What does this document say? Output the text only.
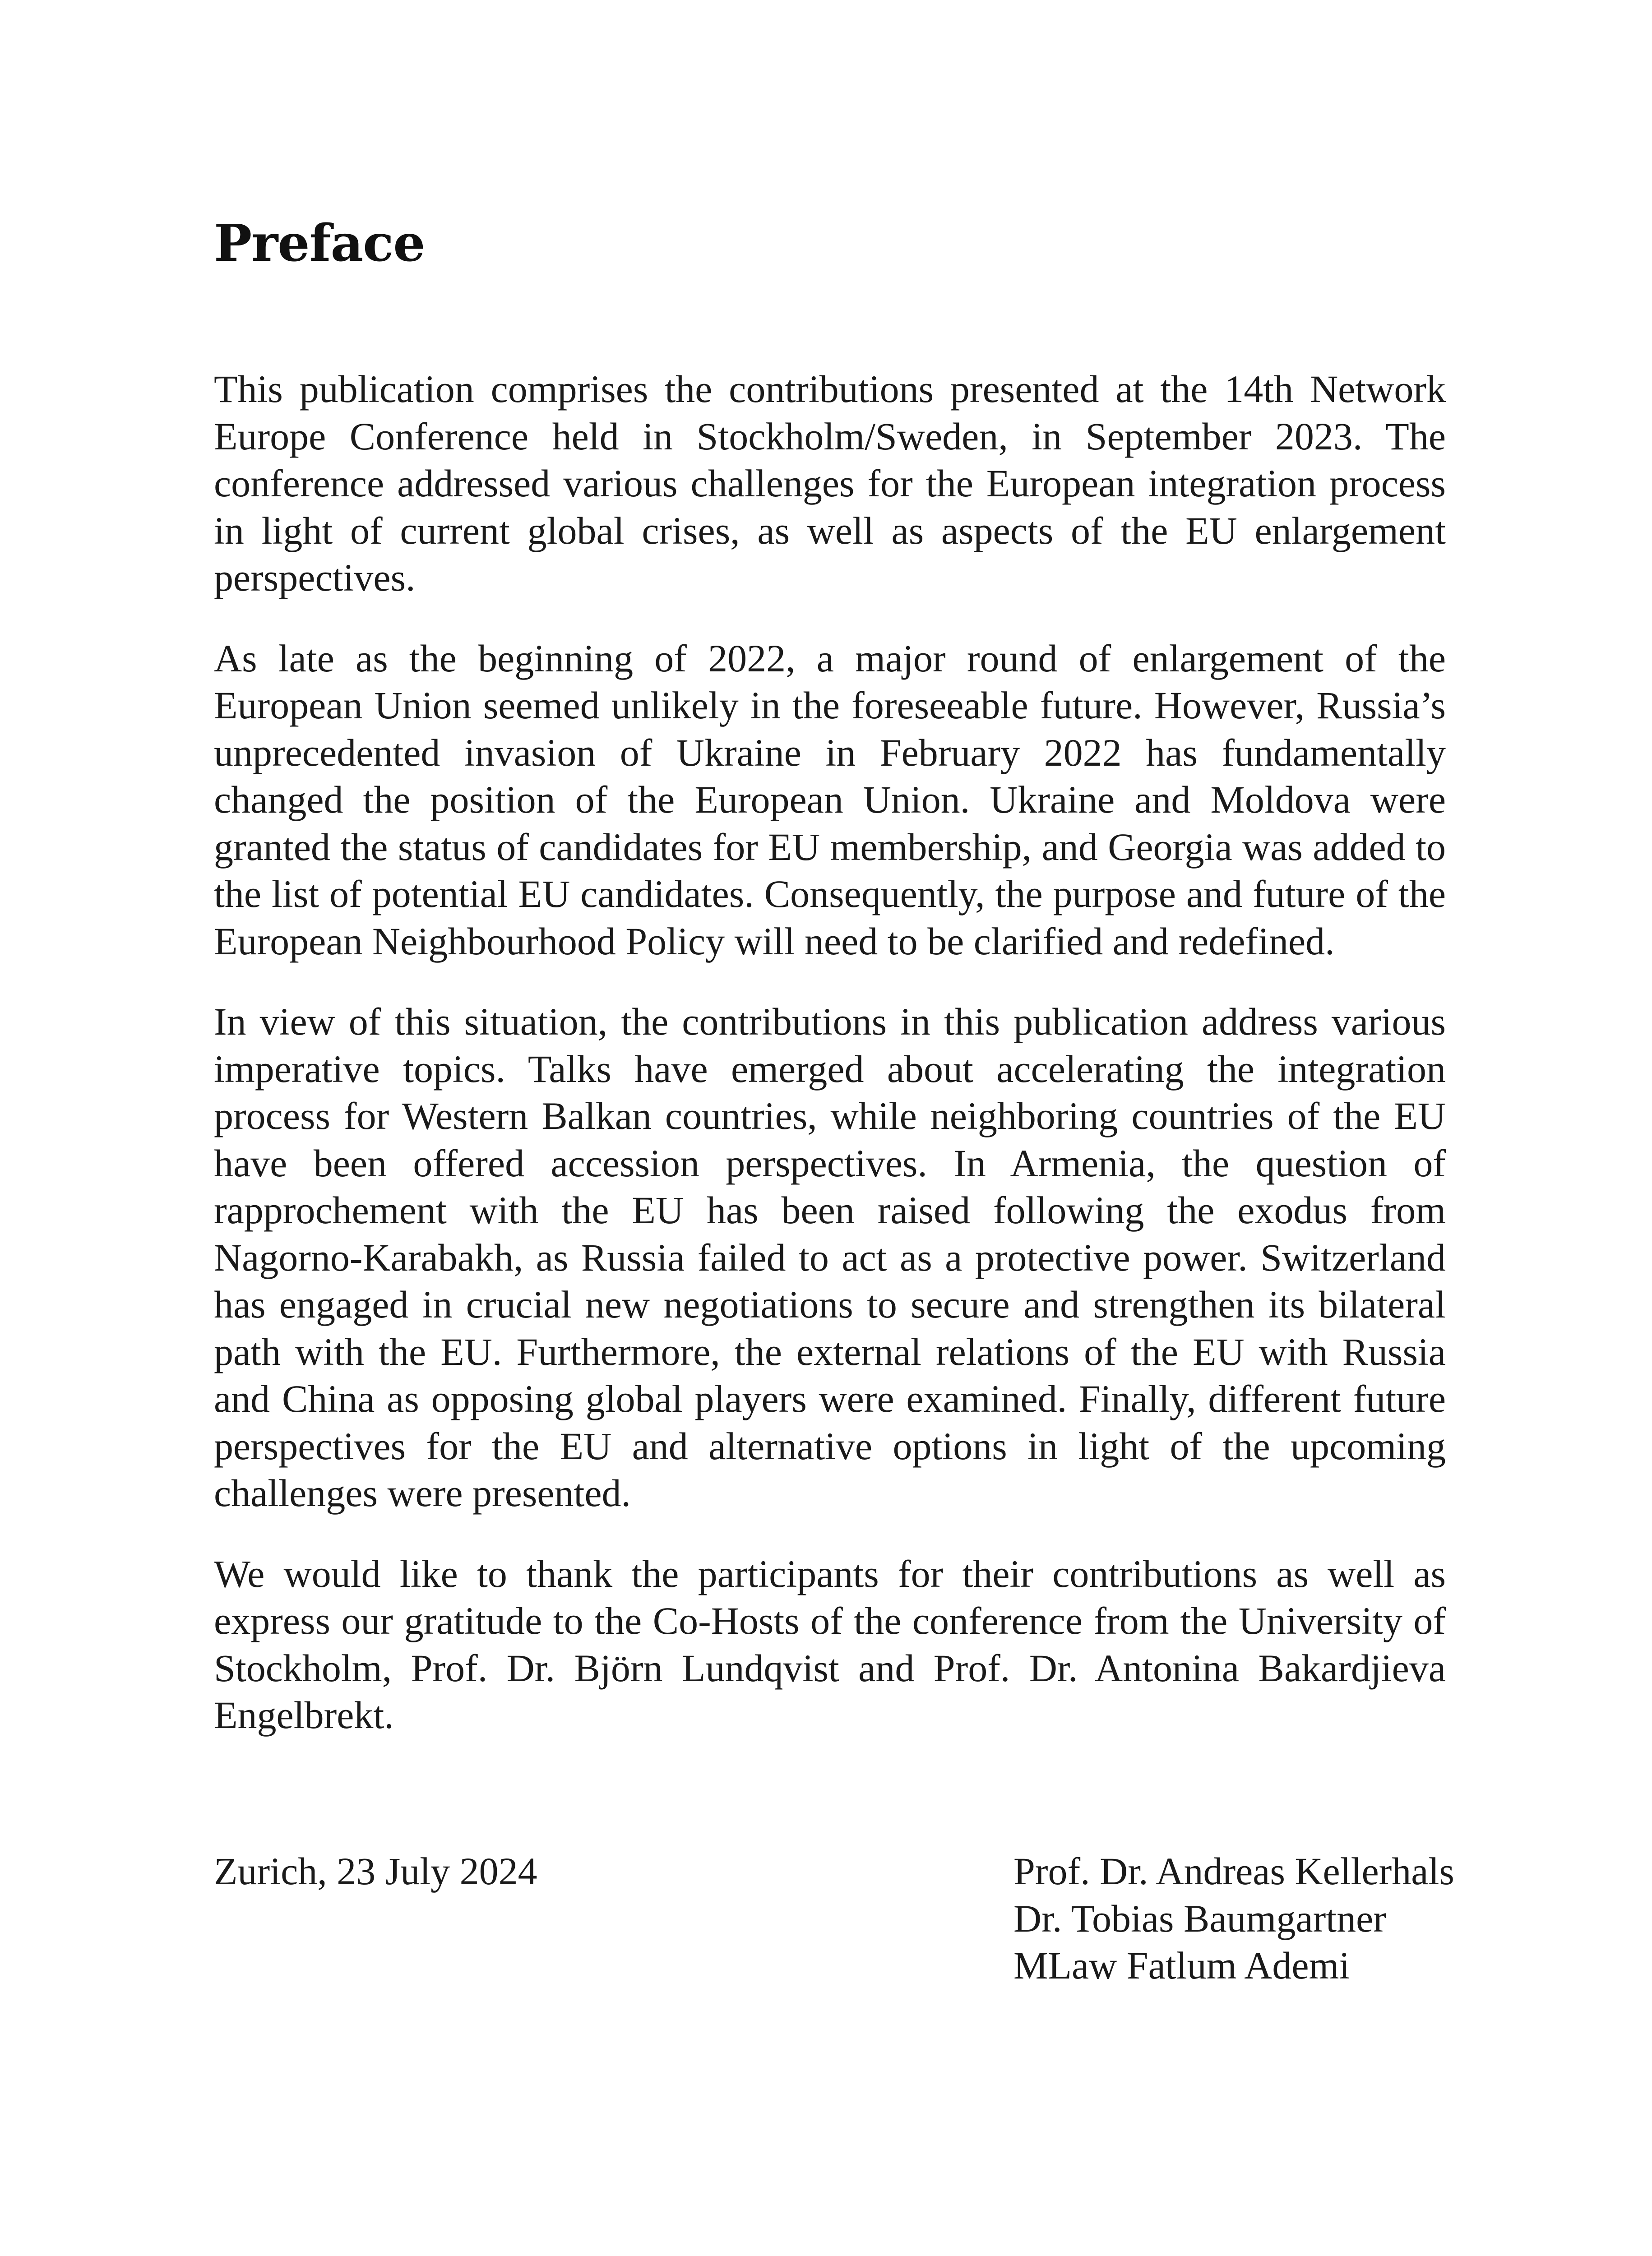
Preface

This publication comprises the contributions presented at the 14th Network Europe Conference held in Stockholm/Sweden, in September 2023. The conference addressed various challenges for the European integration process in light of current global crises, as well as aspects of the EU enlargement perspectives.

As late as the beginning of 2022, a major round of enlargement of the European Union seemed unlikely in the foreseeable future. However, Russia’s unprecedented invasion of Ukraine in February 2022 has fundamentally changed the position of the European Union. Ukraine and Moldova were granted the status of candidates for EU membership, and Georgia was added to the list of potential EU candidates. Consequently, the purpose and future of the European Neighbourhood Policy will need to be clarified and redefined.

In view of this situation, the contributions in this publication address various imperative topics. Talks have emerged about accelerating the integration process for Western Balkan countries, while neighboring countries of the EU have been offered accession perspectives. In Armenia, the question of rapprochement with the EU has been raised following the exodus from Nagorno-Karabakh, as Russia failed to act as a protective power. Switzerland has engaged in crucial new negotiations to secure and strengthen its bilateral path with the EU. Furthermore, the external relations of the EU with Russia and China as opposing global players were examined. Finally, different future perspectives for the EU and alternative options in light of the upcoming challenges were presented.

We would like to thank the participants for their contributions as well as express our gratitude to the Co-Hosts of the conference from the University of Stockholm, Prof. Dr. Björn Lundqvist and Prof. Dr. Antonina Bakardjieva Engelbrekt.

Zurich, 23 July 2024	Prof. Dr. Andreas Kellerhals
Dr. Tobias Baumgartner
MLaw Fatlum Ademi
